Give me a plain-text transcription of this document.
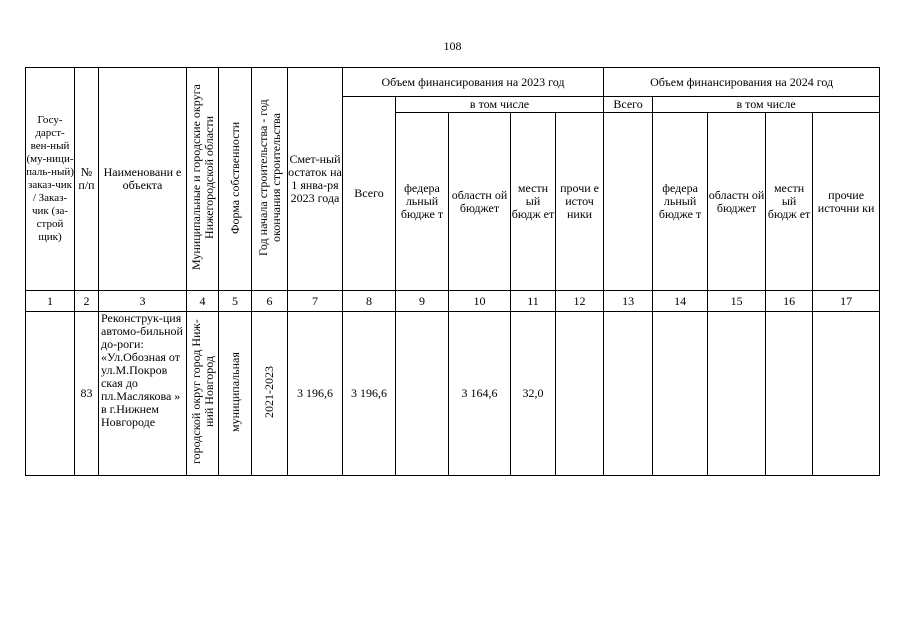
108
Госу-дарст-вен-ный (му-ници-паль-ный) заказ-чик / Заказ-чик (за-строй щик)	№ п/п	Наименовани е объекта	Муниципальные и городские округа Нижегородской области	Форма собственности	Год начала строительства - год окончания строительства	Смет-ный остаток на 1 янва-ря 2023 года	Объем финансирования на 2023 год					Объем финансирования на 2024 год				
							Всего	в том числе				Всего	в том числе			
								федера льный бюдже т	областн ой бюджет	местн ый бюдж ет	прочи е источ ники		федера льный бюдже т	областн ой бюджет	местн ый бюдж ет	прочие источни ки
1	2	3	4	5	6	7	8	9	10	11	12	13	14	15	16	17
	83	Реконструк-ция автомо-бильной до-роги: «Ул.Обозная от ул.М.Покров ская до пл.Маслякова » в г.Нижнем Новгороде	городской округ город Ниж-ний Новгород	муниципальная	2021-2023	3 196,6	3 196,6		3 164,6	32,0						
